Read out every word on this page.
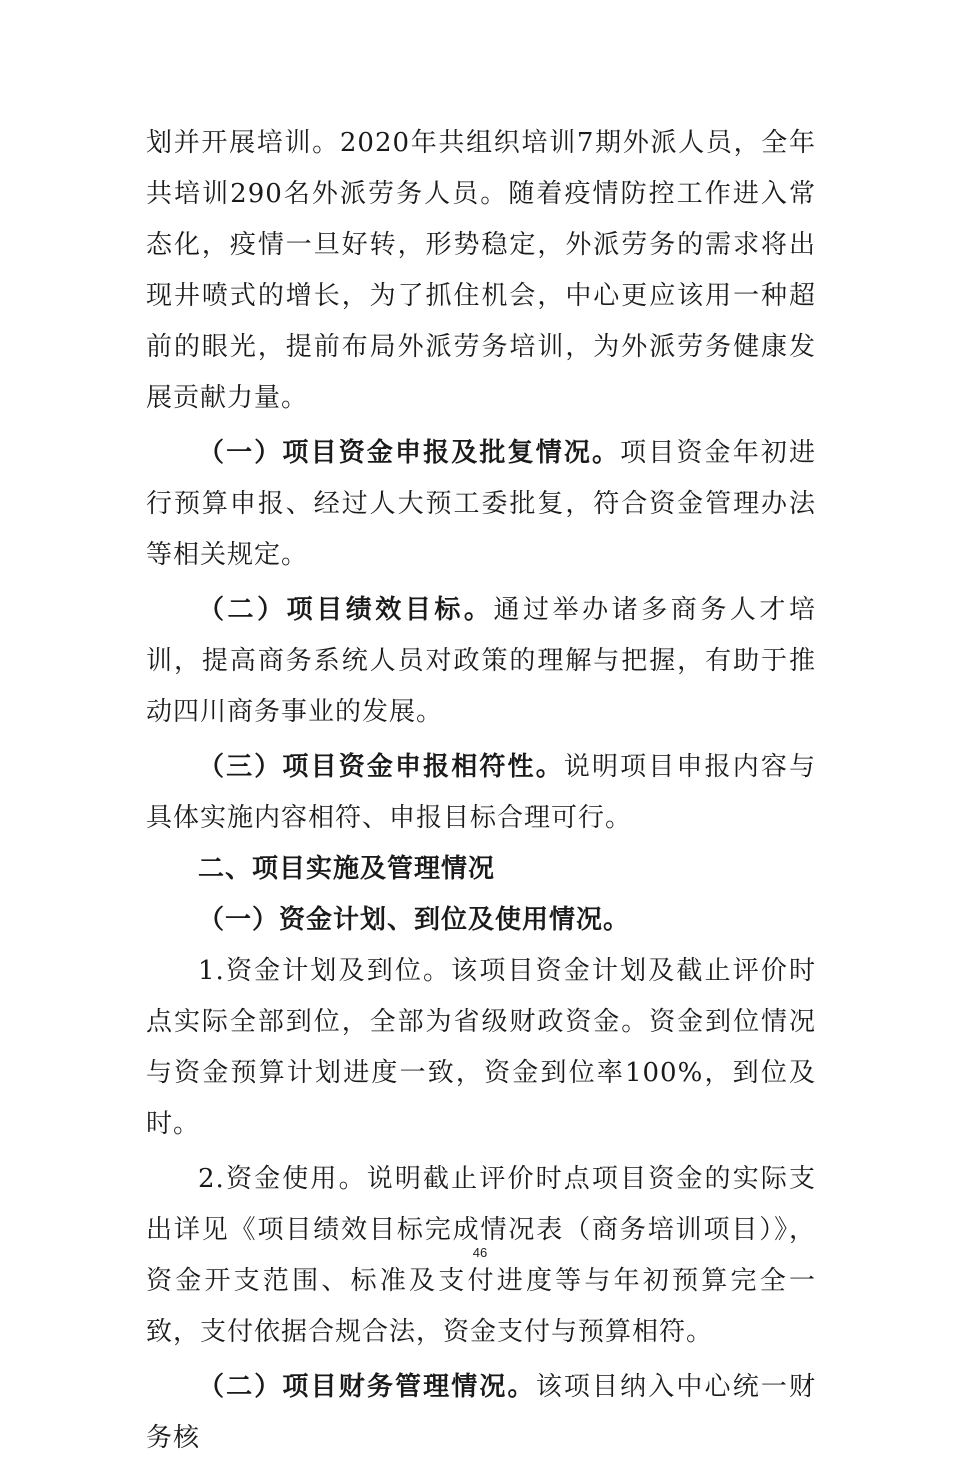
划并开展培训。2020年共组织培训7期外派人员，全年共培训290名外派劳务人员。随着疫情防控工作进入常态化，疫情一旦好转，形势稳定，外派劳务的需求将出现井喷式的增长，为了抓住机会，中心更应该用一种超前的眼光，提前布局外派劳务培训，为外派劳务健康发展贡献力量。

（一）项目资金申报及批复情况。项目资金年初进行预算申报、经过人大预工委批复，符合资金管理办法等相关规定。

（二）项目绩效目标。通过举办诸多商务人才培训，提高商务系统人员对政策的理解与把握，有助于推动四川商务事业的发展。

（三）项目资金申报相符性。说明项目申报内容与具体实施内容相符、申报目标合理可行。

二、项目实施及管理情况
（一）资金计划、到位及使用情况。

1.资金计划及到位。该项目资金计划及截止评价时点实际全部到位，全部为省级财政资金。资金到位情况与资金预算计划进度一致，资金到位率100%，到位及时。

2.资金使用。说明截止评价时点项目资金的实际支出详见《项目绩效目标完成情况表（商务培训项目）》，资金开支范围、标准及支付进度等与年初预算完全一致，支付依据合规合法，资金支付与预算相符。

（二）项目财务管理情况。该项目纳入中心统一财务核

46
